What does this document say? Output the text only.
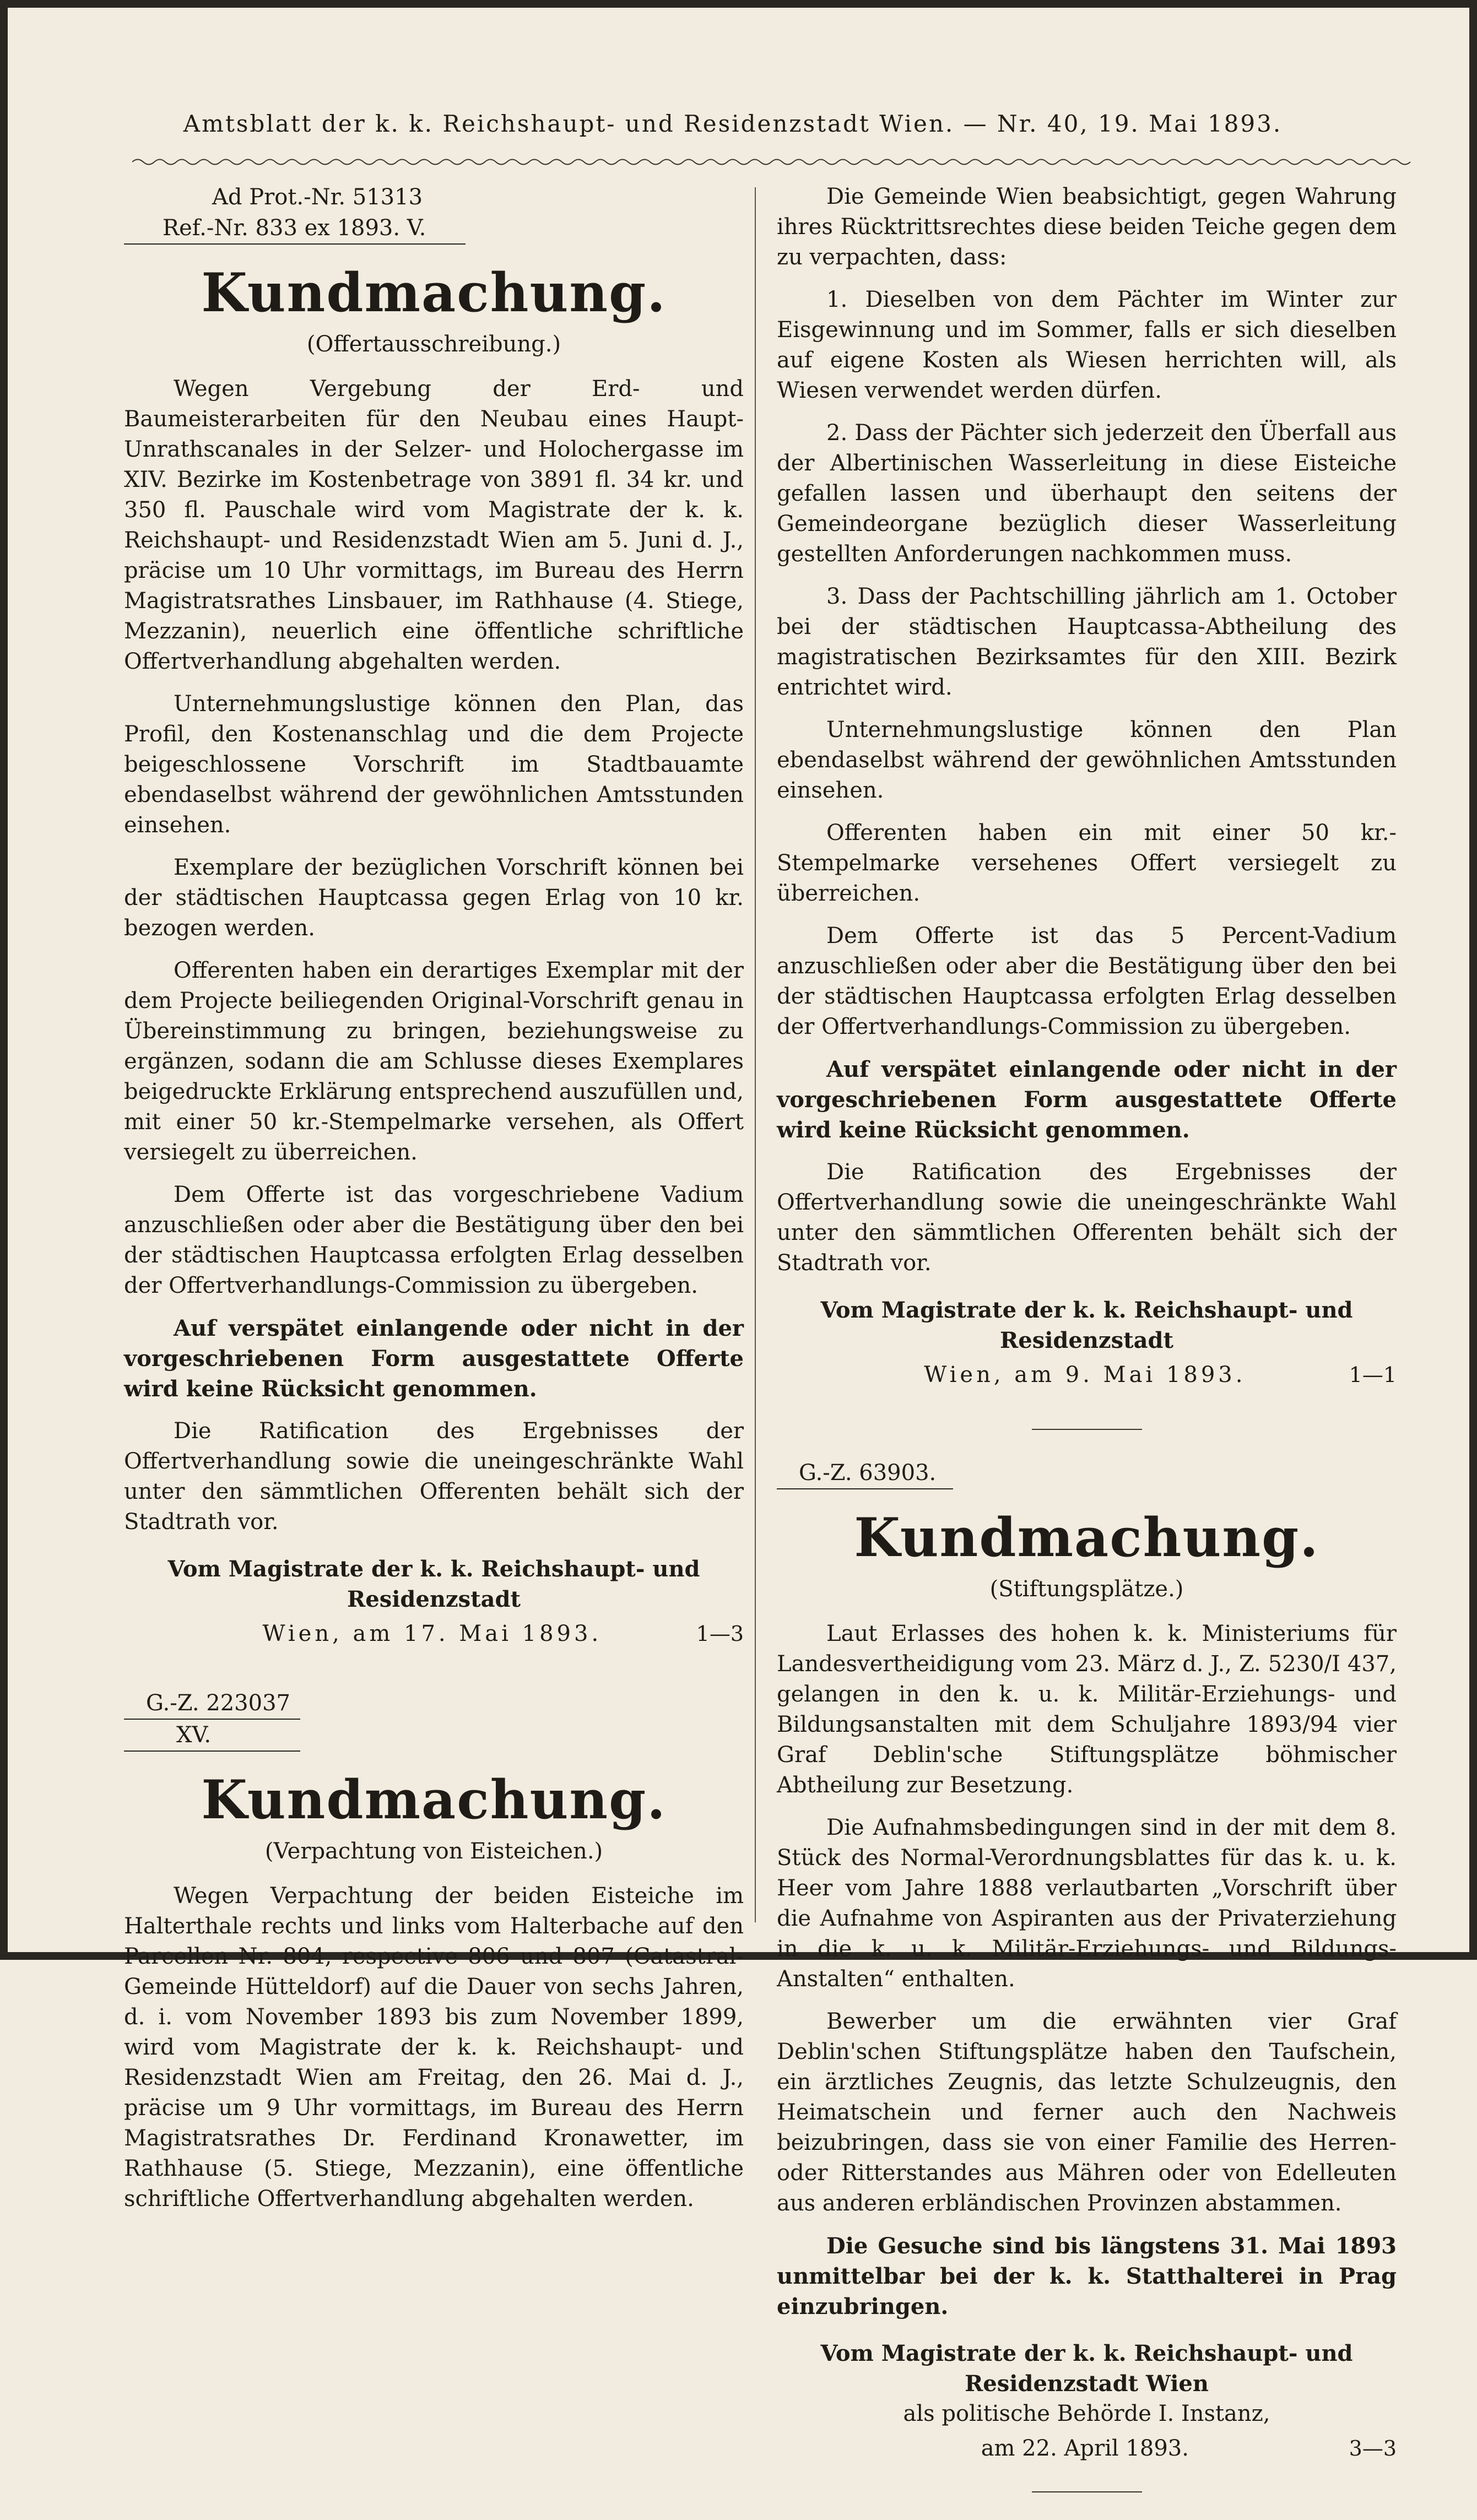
Amtsblatt der k. k. Reichshaupt- und Residenzstadt Wien. — Nr. 40, 19. Mai 1893.
Ad Prot.-Nr. 51313
Ref.-Nr. 833 ex 1893. V.
Kundmachung.
(Offertausschreibung.)

Wegen Vergebung der Erd- und Baumeisterarbeiten für den Neubau eines Haupt-Unrathscanales in der Selzer- und Holochergasse im XIV. Bezirke im Kostenbetrage von 3891 fl. 34 kr. und 350 fl. Pauschale wird vom Magistrate der k. k. Reichshaupt- und Residenzstadt Wien am 5. Juni d. J., präcise um 10 Uhr vormittags, im Bureau des Herrn Magistratsrathes Linsbauer, im Rathhause (4. Stiege, Mezzanin), neuerlich eine öffentliche schriftliche Offertverhandlung abgehalten werden.

Unternehmungslustige können den Plan, das Profil, den Kostenanschlag und die dem Projecte beigeschlossene Vorschrift im Stadtbauamte ebendaselbst während der gewöhnlichen Amtsstunden einsehen.

Exemplare der bezüglichen Vorschrift können bei der städtischen Hauptcassa gegen Erlag von 10 kr. bezogen werden.

Offerenten haben ein derartiges Exemplar mit der dem Projecte beiliegenden Original-Vorschrift genau in Übereinstimmung zu bringen, beziehungsweise zu ergänzen, sodann die am Schlusse dieses Exemplares beigedruckte Erklärung entsprechend auszufüllen und, mit einer 50 kr.-Stempelmarke versehen, als Offert versiegelt zu überreichen.

Dem Offerte ist das vorgeschriebene Vadium anzuschließen oder aber die Bestätigung über den bei der städtischen Hauptcassa erfolgten Erlag desselben der Offertverhandlungs-Commission zu übergeben.

Auf verspätet einlangende oder nicht in der vorgeschriebenen Form ausgestattete Offerte wird keine Rücksicht genommen.

Die Ratification des Ergebnisses der Offertverhandlung sowie die uneingeschränkte Wahl unter den sämmtlichen Offerenten behält sich der Stadtrath vor.

Vom Magistrate der k. k. Reichshaupt- und Residenzstadt
Wien, am 17. Mai 1893.	1—3
G.-Z. 223037
XV.
Kundmachung.
(Verpachtung von Eisteichen.)

Wegen Verpachtung der beiden Eisteiche im Halterthale rechts und links vom Halterbache auf den Parcellen Nr. 804, respective 806 und 807 (Catastral-Gemeinde Hütteldorf) auf die Dauer von sechs Jahren, d. i. vom November 1893 bis zum November 1899, wird vom Magistrate der k. k. Reichshaupt- und Residenzstadt Wien am Freitag, den 26. Mai d. J., präcise um 9 Uhr vormittags, im Bureau des Herrn Magistratsrathes Dr. Ferdinand Kronawetter, im Rathhause (5. Stiege, Mezzanin), eine öffentliche schriftliche Offertverhandlung abgehalten werden.

Die Gemeinde Wien beabsichtigt, gegen Wahrung ihres Rücktrittsrechtes diese beiden Teiche gegen dem zu verpachten, dass:

1. Dieselben von dem Pächter im Winter zur Eisgewinnung und im Sommer, falls er sich dieselben auf eigene Kosten als Wiesen herrichten will, als Wiesen verwendet werden dürfen.

2. Dass der Pächter sich jederzeit den Überfall aus der Albertinischen Wasserleitung in diese Eisteiche gefallen lassen und überhaupt den seitens der Gemeindeorgane bezüglich dieser Wasserleitung gestellten Anforderungen nachkommen muss.

3. Dass der Pachtschilling jährlich am 1. October bei der städtischen Hauptcassa-Abtheilung des magistratischen Bezirksamtes für den XIII. Bezirk entrichtet wird.

Unternehmungslustige können den Plan ebendaselbst während der gewöhnlichen Amtsstunden einsehen.

Offerenten haben ein mit einer 50 kr.-Stempelmarke versehenes Offert versiegelt zu überreichen.

Dem Offerte ist das 5 Percent-Vadium anzuschließen oder aber die Bestätigung über den bei der städtischen Hauptcassa erfolgten Erlag desselben der Offertverhandlungs-Commission zu übergeben.

Auf verspätet einlangende oder nicht in der vorgeschriebenen Form ausgestattete Offerte wird keine Rücksicht genommen.

Die Ratification des Ergebnisses der Offertverhandlung sowie die uneingeschränkte Wahl unter den sämmtlichen Offerenten behält sich der Stadtrath vor.

Vom Magistrate der k. k. Reichshaupt- und Residenzstadt
Wien, am 9. Mai 1893.	1—1
G.-Z. 63903.
Kundmachung.
(Stiftungsplätze.)

Laut Erlasses des hohen k. k. Ministeriums für Landesvertheidigung vom 23. März d. J., Z. 5230/I 437, gelangen in den k. u. k. Militär-Erziehungs- und Bildungsanstalten mit dem Schuljahre 1893/94 vier Graf Deblin'sche Stiftungsplätze böhmischer Abtheilung zur Besetzung.

Die Aufnahmsbedingungen sind in der mit dem 8. Stück des Normal-Verordnungsblattes für das k. u. k. Heer vom Jahre 1888 verlautbarten „Vorschrift über die Aufnahme von Aspiranten aus der Privaterziehung in die k. u. k. Militär-Erziehungs- und Bildungs-Anstalten“ enthalten.

Bewerber um die erwähnten vier Graf Deblin'schen Stiftungsplätze haben den Taufschein, ein ärztliches Zeugnis, das letzte Schulzeugnis, den Heimatschein und ferner auch den Nachweis beizubringen, dass sie von einer Familie des Herren- oder Ritterstandes aus Mähren oder von Edelleuten aus anderen erbländischen Provinzen abstammen.

Die Gesuche sind bis längstens 31. Mai 1893 unmittelbar bei der k. k. Statthalterei in Prag einzubringen.

Vom Magistrate der k. k. Reichshaupt- und Residenzstadt Wien
als politische Behörde I. Instanz,
am 22. April 1893.	3—3
